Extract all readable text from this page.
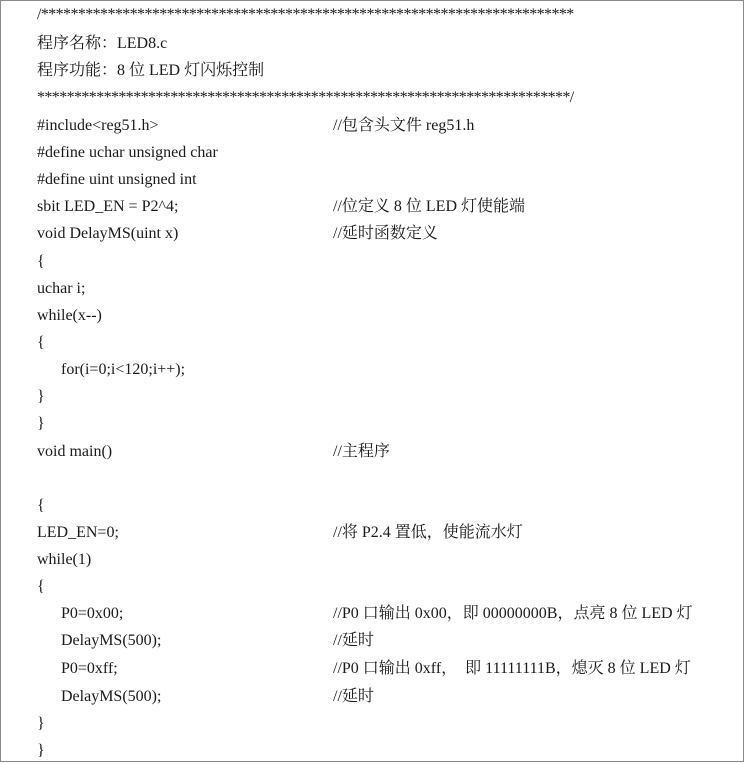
/************************************************************************
程序名称：LED8.c
程序功能：8 位 LED 灯闪烁控制
************************************************************************/
#include<reg51.h>	//包含头文件 reg51.h
#define uchar unsigned char
#define uint unsigned int
sbit LED_EN = P2^4;	//位定义 8 位 LED 灯使能端
void DelayMS(uint x)	//延时函数定义
{
uchar i;
while(x--)
{
for(i=0;i<120;i++);
}
}
void main()	//主程序
{
LED_EN=0;	//将 P2.4 置低，使能流水灯
while(1)
{
P0=0x00;	//P0 口输出 0x00，即 00000000B，点亮 8 位 LED 灯
DelayMS(500);	//延时
P0=0xff;	//P0 口输出 0xff，  即 11111111B，熄灭 8 位 LED 灯
DelayMS(500);	//延时
}
}
